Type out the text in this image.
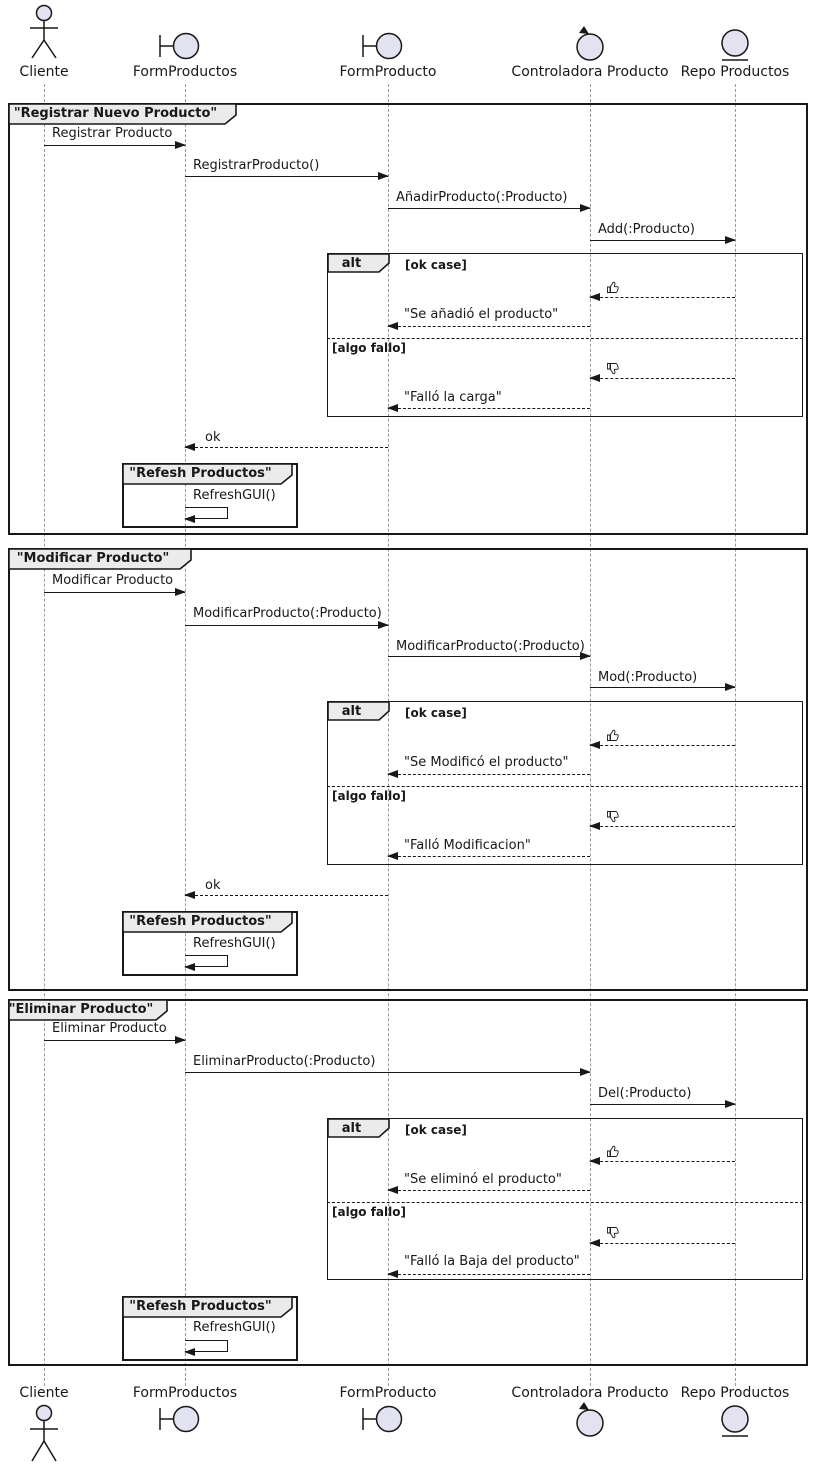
Cliente	FormProductos	FormProducto	Controladora Producto Repo Productos
"Registrar Nuevo Producto"
Registrar Producto
RegistrarProducto()
AñadirProducto(:Producto)
Add(:Producto)
alt	[ok case]
"Se añadió el producto"
[algo fallo]
"Falló la carga"
ok
"Refesh Productos"
RefreshGUI()
"Modificar Producto"
Modificar Producto
ModificarProducto(:Producto)
ModificarProducto(:Producto)
Mod(:Producto)
alt	[ok case]
"Se Modificó el producto"
[algo fallo]
"Falló Modificacion"
ok
"Refesh Productos"
RefreshGUI()
"Eliminar Producto"
Eliminar Producto
EliminarProducto(:Producto)
Del(:Producto)
alt	[ok case]
"Se eliminó el producto"
[algo fallo]
"Falló la Baja del producto"
"Refesh Productos"
RefreshGUI()
Cliente	FormProductos	FormProducto	Controladora Producto Repo Productos
